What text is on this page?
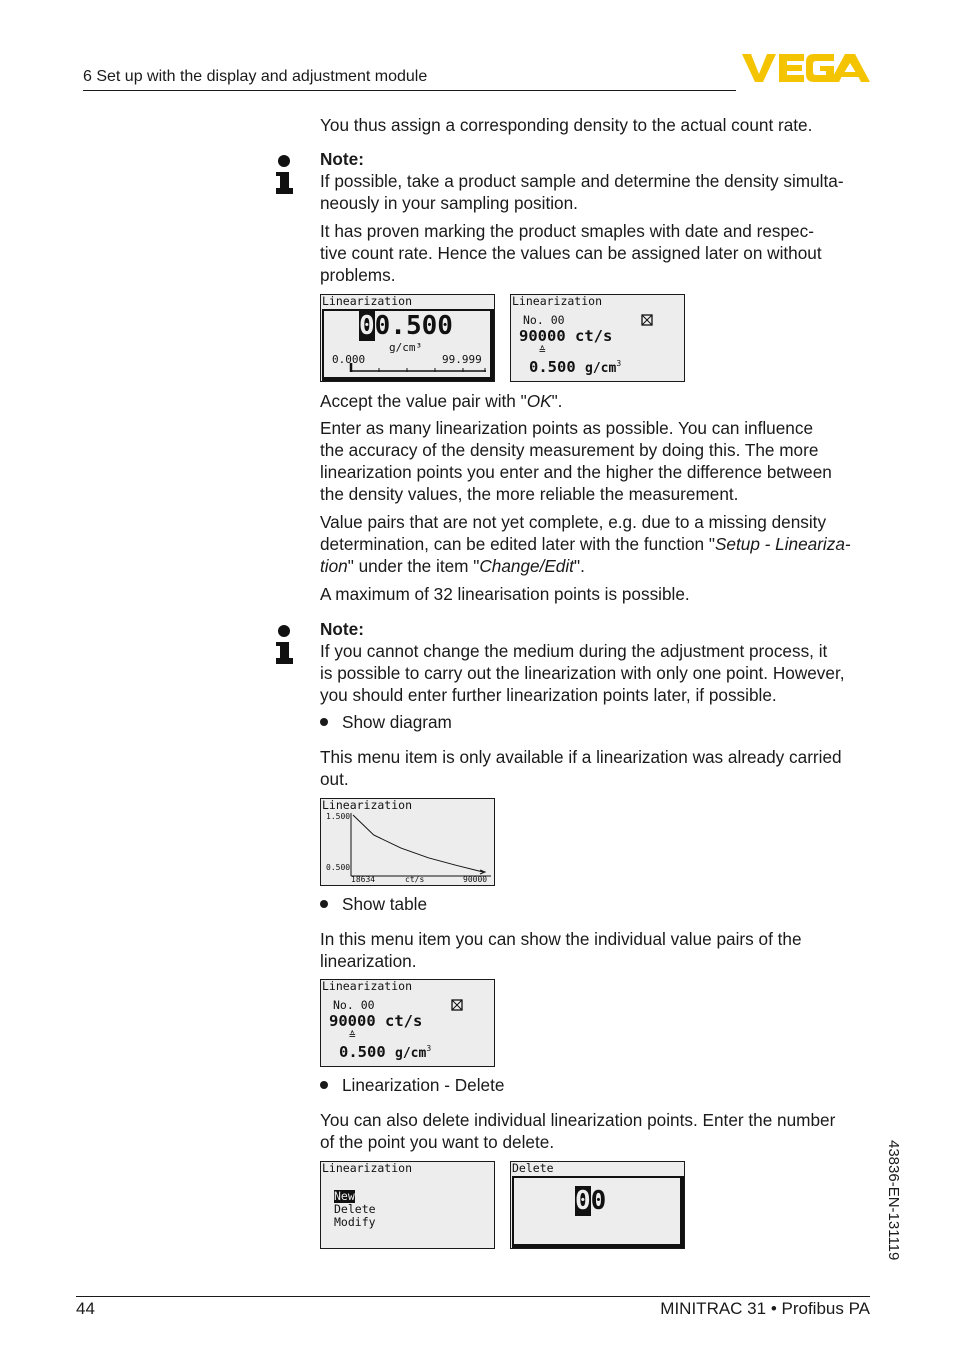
6 Set up with the display and adjustment module
You thus assign a corresponding density to the actual count rate.
Note:
If possible, take a product sample and determine the density simulta-
neously in your sampling position.
It has proven marking the product smaples with date and respec-
tive count rate. Hence the values can be assigned later on without
problems.
Linearization
00.500
g/cm³
0.000	99.999
Linearization
No. 00
90000 ct/s
≙
0.500 $g/cm^3$
Accept the value pair with "OK".
Enter as many linearization points as possible. You can influence
the accuracy of the density measurement by doing this. The more
linearization points you enter and the higher the difference between
the density values, the more reliable the measurement.
Value pairs that are not yet complete, e.g. due to a missing density
determination, can be edited later with the function "Setup - Lineariza-
tion" under the item "Change/Edit".
A maximum of 32 linearisation points is possible.
Note:
If you cannot change the medium during the adjustment process, it
is possible to carry out the linearization with only one point. However,
you should enter further linearization points later, if possible.
Show diagram
This menu item is only available if a linearization was already carried
out.
Linearization
1.500
0.500
18634	ct/s	90000
Show table
In this menu item you can show the individual value pairs of the
linearization.
Linearization
No. 00
90000 ct/s
≙
0.500 $g/cm^3$
Linearization - Delete
You can also delete individual linearization points. Enter the number
of the point you want to delete.
Linearization
New
Delete
Modify
Delete
00	43836-EN-131119
44	MINITRAC 31 • Profibus PA
